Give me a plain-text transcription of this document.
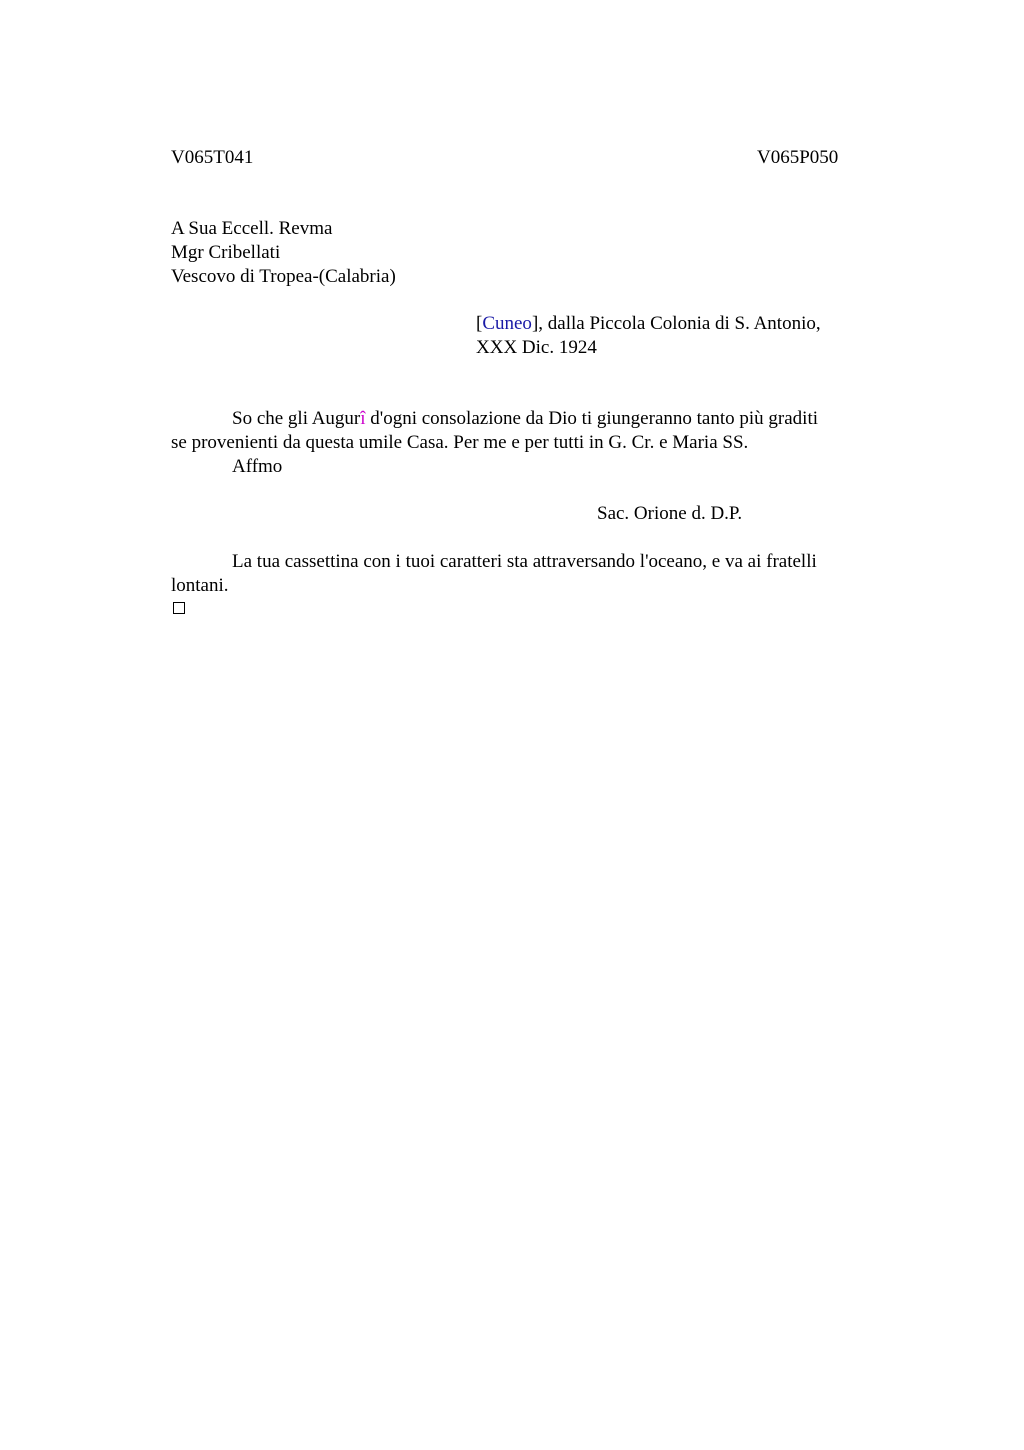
V065T041	V065P050
A Sua Eccell. Revma
Mgr Cribellati
Vescovo di Tropea-(Calabria)
[Cuneo], dalla Piccola Colonia di S. Antonio,
XXX Dic. 1924
So che gli Augurî d'ogni consolazione da Dio ti giungeranno tanto più graditi
se provenienti da questa umile Casa. Per me e per tutti in G. Cr. e Maria SS.
Affmo
Sac. Orione d. D.P.
La tua cassettina con i tuoi caratteri sta attraversando l'oceano, e va ai fratelli
lontani.
